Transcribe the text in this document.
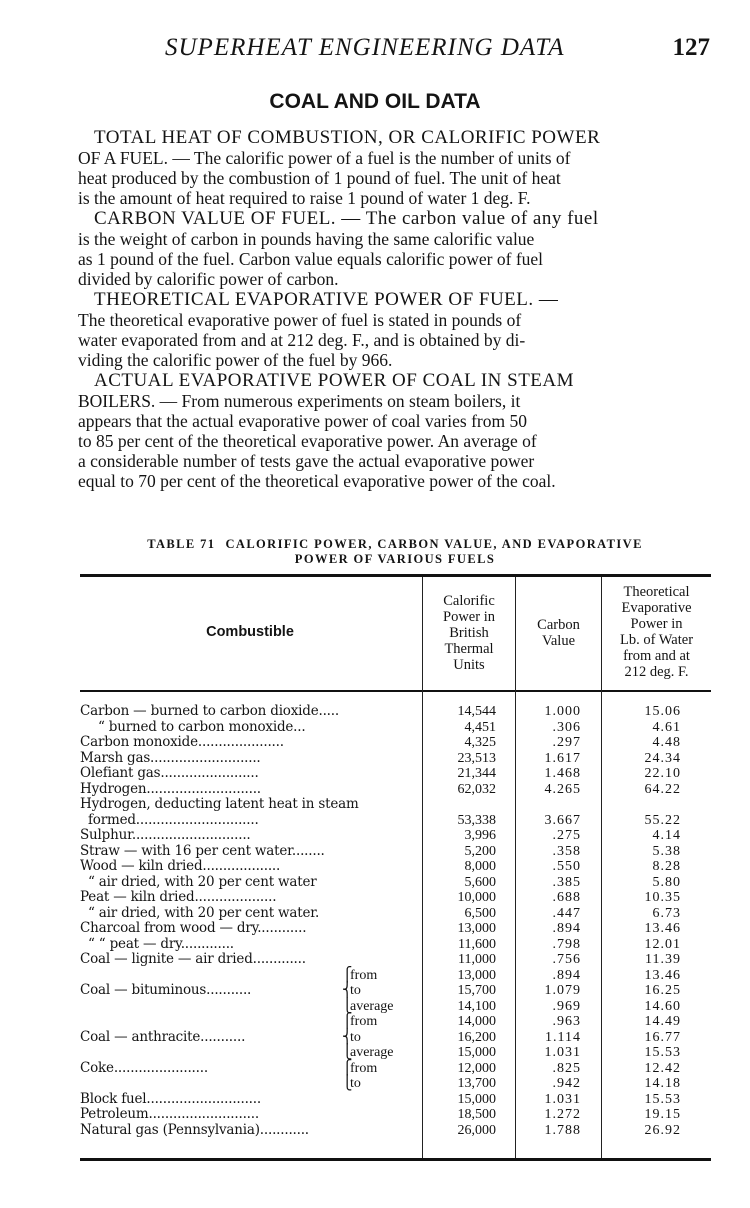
SUPERHEAT ENGINEERING DATA	127
COAL AND OIL DATA

TOTAL HEAT OF COMBUSTION, OR CALORIFIC POWER
OF A FUEL. — The calorific power of a fuel is the number of units of
heat produced by the combustion of 1 pound of fuel. The unit of heat
is the amount of heat required to raise 1 pound of water 1 deg. F.

CARBON VALUE OF FUEL. — The carbon value of any fuel
is the weight of carbon in pounds having the same calorific value
as 1 pound of the fuel. Carbon value equals calorific power of fuel
divided by calorific power of carbon.

THEORETICAL EVAPORATIVE POWER OF FUEL. —
The theoretical evaporative power of fuel is stated in pounds of
water evaporated from and at 212 deg. F., and is obtained by di-
viding the calorific power of the fuel by 966.

ACTUAL EVAPORATIVE POWER OF COAL IN STEAM
BOILERS. — From numerous experiments on steam boilers, it
appears that the actual evaporative power of coal varies from 50
to 85 per cent of the theoretical evaporative power. An average of
a considerable number of tests gave the actual evaporative power
equal to 70 per cent of the theoretical evaporative power of the coal.

TABLE 71 CALORIFIC POWER, CARBON VALUE, AND EVAPORATIVE
POWER OF VARIOUS FUELS
Combustible
Calorific
Power in
British
Thermal
Units
Carbon
Value
Theoretical
Evaporative
Power in
Lb. of Water
from and at
212 deg. F.
Carbon — burned to carbon dioxide.....	14,544	1.000	15.06
“ burned to carbon monoxide...	4,451	.306	4.61
Carbon monoxide.....................	4,325	.297	4.48
Marsh gas...........................	23,513	1.617	24.34
Olefiant gas........................	21,344	1.468	22.10
Hydrogen............................	62,032	4.265	64.22
Hydrogen, deducting latent heat in steam
formed..............................	53,338	3.667	55.22
Sulphur.............................	3,996	.275	4.14
Straw — with 16 per cent water........	5,200	.358	5.38
Wood — kiln dried...................	8,000	.550	8.28
“ air dried, with 20 per cent water	5,600	.385	5.80
Peat — kiln dried....................	10,000	.688	10.35
“ air dried, with 20 per cent water.	6,500	.447	6.73
Charcoal from wood — dry............	13,000	.894	13.46
“ “ peat — dry.............	11,600	.798	12.01
Coal — lignite — air dried.............	11,000	.756	11.39
⎧
from	13,000	.894	13.46
Coal — bituminous...........	⎨
to	15,700	1.079	16.25
⎩
average	14,100	.969	14.60
⎧
from	14,000	.963	14.49
Coal — anthracite...........	⎨
to	16,200	1.114	16.77
⎩
average	15,000	1.031	15.53
Coke.......................	⎧
from	12,000	.825	12.42
⎩
to	13,700	.942	14.18
Block fuel............................	15,000	1.031	15.53
Petroleum...........................	18,500	1.272	19.15
Natural gas (Pennsylvania)............	26,000	1.788	26.92
